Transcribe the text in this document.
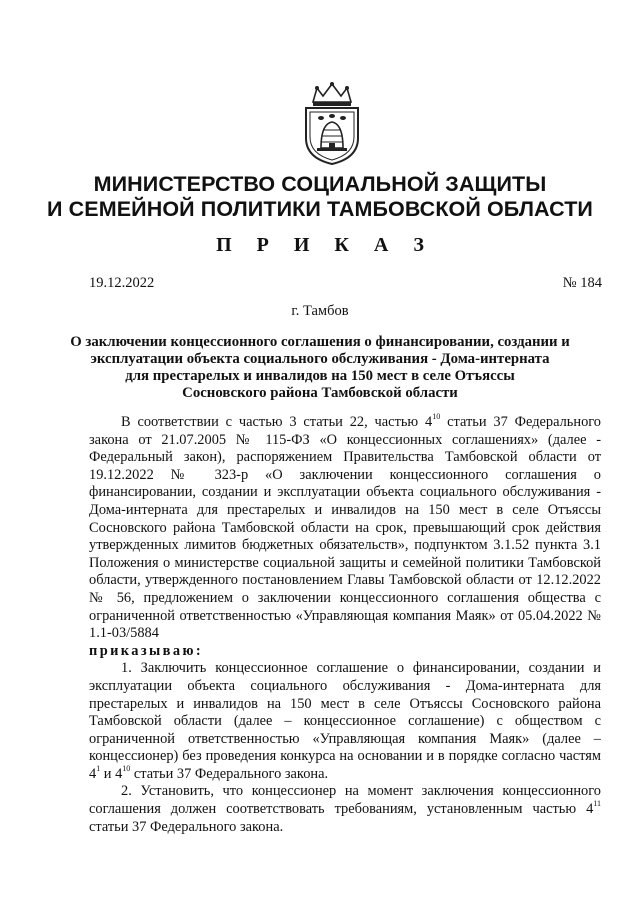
МИНИСТЕРСТВО СОЦИАЛЬНОЙ ЗАЩИТЫ
И СЕМЕЙНОЙ ПОЛИТИКИ ТАМБОВСКОЙ ОБЛАСТИ
П Р И К А З
19.12.2022	№ 184
г. Тамбов
О заключении концессионного соглашения о финансировании, создании и
эксплуатации объекта социального обслуживания - Дома-интерната
для престарелых и инвалидов на 150 мест в селе Отъяссы
Сосновского района Тамбовской области

В соответствии с частью 3 статьи 22, частью $4^{10}$ статьи 37 Федерального закона от 21.07.2005 № 115-ФЗ «О концессионных соглашениях» (далее - Федеральный закон), распоряжением Правительства Тамбовской области от 19.12.2022 № 323-р «О заключении концессионного соглашения о финансировании, создании и эксплуатации объекта социального обслуживания - Дома-интерната для престарелых и инвалидов на 150 мест в селе Отъяссы Сосновского района Тамбовской области на срок, превышающий срок действия утвержденных лимитов бюджетных обязательств», подпунктом 3.1.52 пункта 3.1 Положения о министерстве социальной защиты и семейной политики Тамбовской области, утвержденного постановлением Главы Тамбовской области от 12.12.2022 № 56, предложением о заключении концессионного соглашения общества с ограниченной ответственностью «Управляющая компания Маяк» от 05.04.2022 № 1.1-03/5884

приказываю:

1. Заключить концессионное соглашение о финансировании, создании и эксплуатации объекта социального обслуживания - Дома-интерната для престарелых и инвалидов на 150 мест в селе Отъяссы Сосновского района Тамбовской области (далее – концессионное соглашение) с обществом с ограниченной ответственностью «Управляющая компания Маяк» (далее – концессионер) без проведения конкурса на основании и в порядке согласно частям $4^1$ и $4^{10}$ статьи 37 Федерального закона.

2. Установить, что концессионер на момент заключения концессионного соглашения должен соответствовать требованиям, установленным частью $4^{11}$ статьи 37 Федерального закона.
